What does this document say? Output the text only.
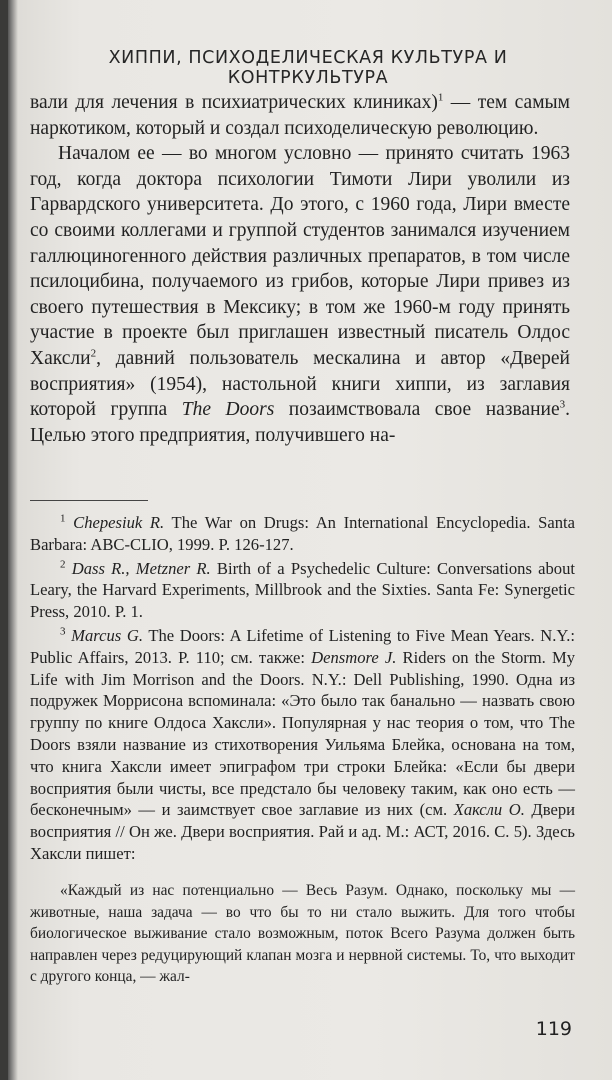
ХИППИ, ПСИХОДЕЛИЧЕСКАЯ КУЛЬТУРА И КОНТРКУЛЬТУРА

вали для лечения в психиатрических клиниках)$^1$ — тем самым наркотиком, который и создал психоделическую революцию.

Началом ее — во многом условно — принято считать 1963 год, когда доктора психологии Тимоти Лири уволили из Гарвардского университета. До этого, с 1960 года, Лири вместе со своими коллегами и группой студентов занимался изучением галлюциногенного действия различных препаратов, в том числе псилоцибина, получаемого из грибов, которые Лири привез из своего путешествия в Мексику; в том же 1960-м году принять участие в проекте был приглашен известный писатель Олдос Хаксли$^2$, давний пользователь мескалина и автор «Дверей восприятия» (1954), настольной книги хиппи, из заглавия которой группа The Doors позаимствовала свое название$^3$. Целью этого предприятия, получившего на-

$^1$ Chepesiuk R. The War on Drugs: An International Encyclopedia. Santa Barbara: ABC-CLIO, 1999. P. 126-127.

$^2$ Dass R., Metzner R. Birth of a Psychedelic Culture: Conversations about Leary, the Harvard Experiments, Millbrook and the Sixties. Santa Fe: Synergetic Press, 2010. P. 1.

$^3$ Marcus G. The Doors: A Lifetime of Listening to Five Mean Years. N.Y.: Public Affairs, 2013. P. 110; см. также: Densmore J. Riders on the Storm. My Life with Jim Morrison and the Doors. N.Y.: Dell Publishing, 1990. Одна из подружек Моррисона вспоминала: «Это было так банально — назвать свою группу по книге Олдоса Хаксли». Популярная у нас теория о том, что The Doors взяли название из стихотворения Уильяма Блейка, основана на том, что книга Хаксли имеет эпиграфом три строки Блейка: «Если бы двери восприятия были чисты, все предстало бы человеку таким, как оно есть — бесконечным» — и заимствует свое заглавие из них (см. Хаксли О. Двери восприятия // Он же. Двери восприятия. Рай и ад. М.: АСТ, 2016. С. 5). Здесь Хаксли пишет:

«Каждый из нас потенциально — Весь Разум. Однако, поскольку мы — животные, наша задача — во что бы то ни стало выжить. Для того чтобы биологическое выживание стало возможным, поток Всего Разума должен быть направлен через редуцирующий клапан мозга и нервной системы. То, что выходит с другого конца, — жал-

119
